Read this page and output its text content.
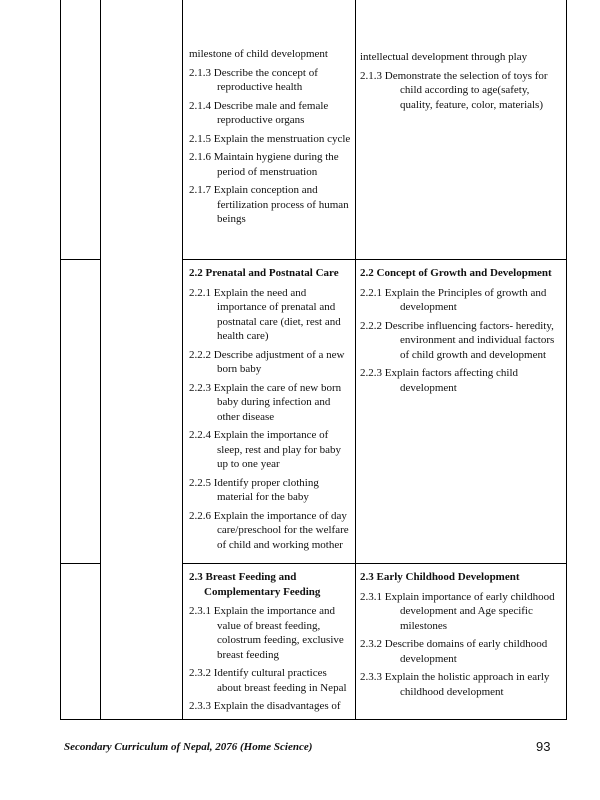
milestone of child development
2.1.3 Describe the concept of reproductive health
2.1.4 Describe male and female reproductive organs
2.1.5 Explain the menstruation cycle
2.1.6 Maintain hygiene during the period of menstruation
2.1.7 Explain conception and fertilization process of human beings
intellectual development through play
2.1.3 Demonstrate the selection of toys for child according to age(safety, quality, feature, color, materials)
2.2 Prenatal and Postnatal Care
2.2.1 Explain the need and importance of prenatal and postnatal care (diet, rest and health care)
2.2.2 Describe adjustment of a new born baby
2.2.3 Explain the care of new born baby during infection and other disease
2.2.4 Explain the importance of sleep, rest and play for baby up to one year
2.2.5 Identify proper clothing material for the baby
2.2.6 Explain the importance of day care/preschool for the welfare of child and working mother
2.2 Concept of Growth and Development
2.2.1 Explain the Principles of growth and development
2.2.2 Describe influencing factors- heredity, environment and individual factors of child growth and development
2.2.3 Explain factors affecting child development
2.3 Breast Feeding and Complementary Feeding
2.3.1 Explain the importance and value of breast feeding, colostrum feeding, exclusive breast feeding
2.3.2 Identify cultural practices about breast feeding in Nepal
2.3.3 Explain the disadvantages of
2.3 Early Childhood Development
2.3.1 Explain importance of early childhood development and Age specific milestones
2.3.2 Describe domains of early childhood development
2.3.3 Explain the holistic approach in early childhood development
Secondary Curriculum of Nepal, 2076 (Home Science)	93
